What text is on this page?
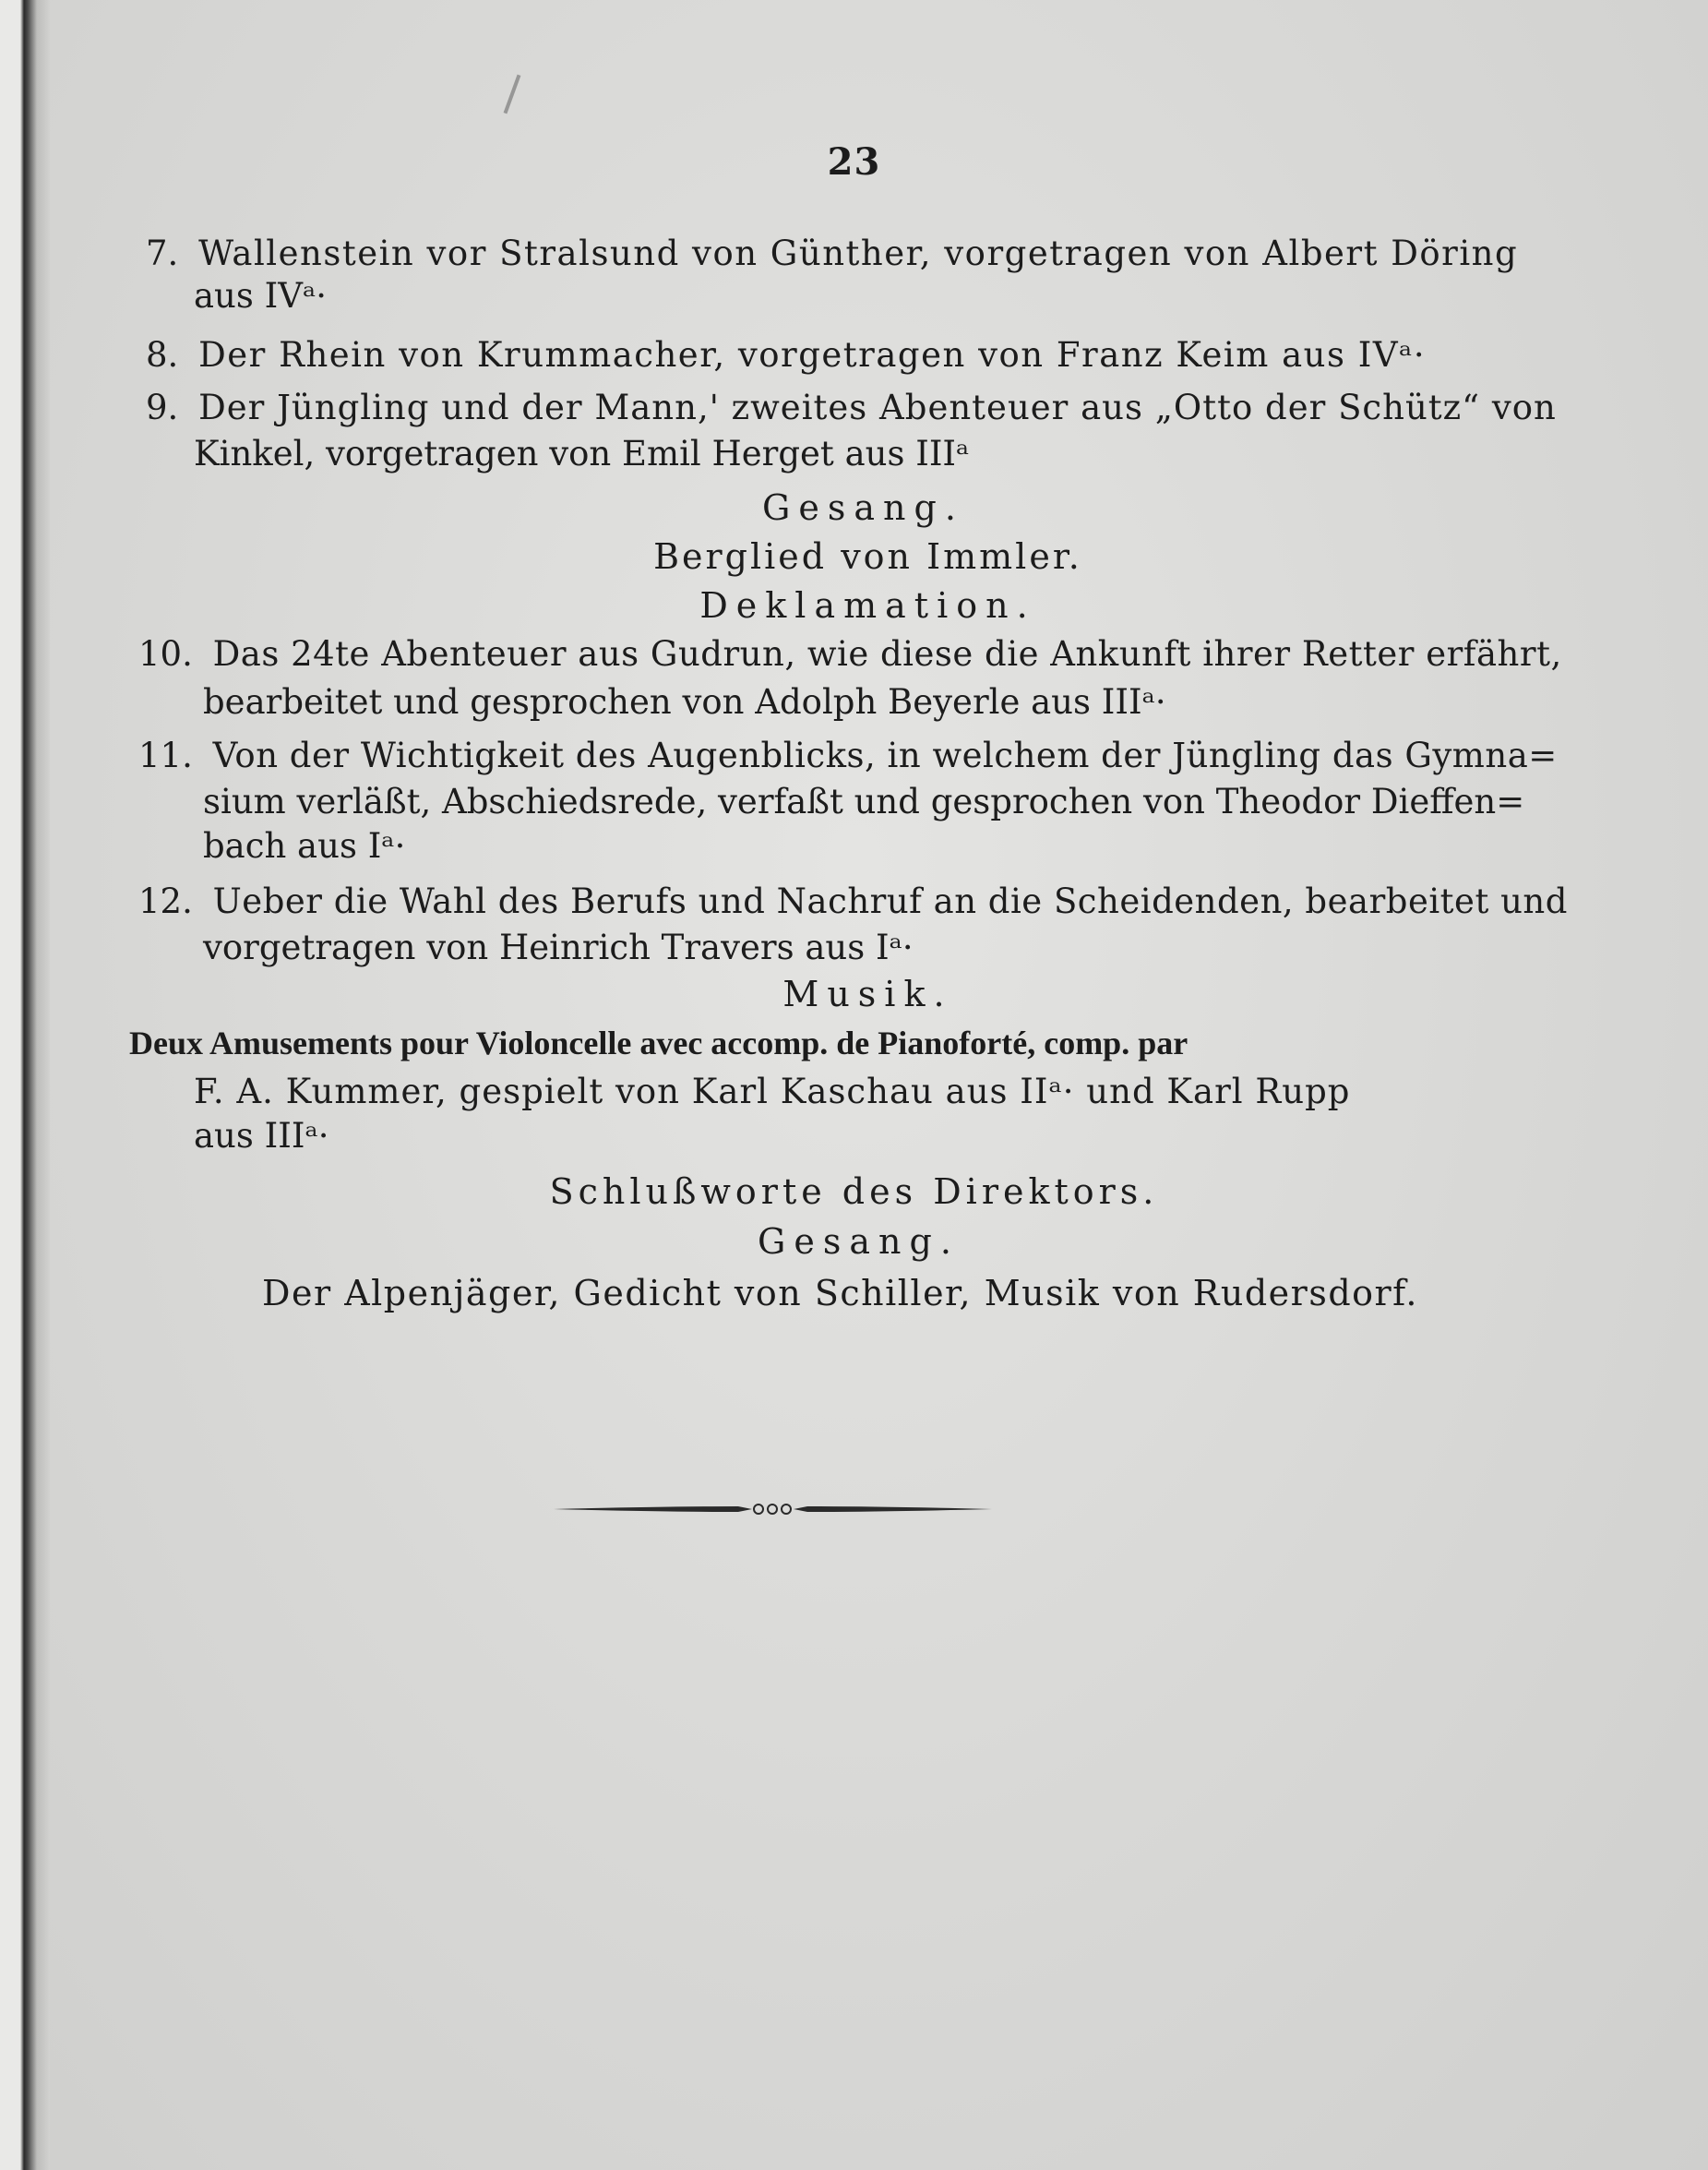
23
7. Wallenstein vor Stralsund von Günther, vorgetragen von Albert Döring
aus IVᵃ·
8. Der Rhein von Krummacher, vorgetragen von Franz Keim aus IVᵃ·
9. Der Jüngling und der Mann,' zweites Abenteuer aus „Otto der Schütz“ von
Kinkel, vorgetragen von Emil Herget aus IIIᵃ
Gesang.
Berglied von Immler.
Deklamation.
10. Das 24te Abenteuer aus Gudrun, wie diese die Ankunft ihrer Retter erfährt,
bearbeitet und gesprochen von Adolph Beyerle aus IIIᵃ·
11. Von der Wichtigkeit des Augenblicks, in welchem der Jüngling das Gymna=
sium verläßt, Abschiedsrede, verfaßt und gesprochen von Theodor Dieffen=
bach aus Iᵃ·
12. Ueber die Wahl des Berufs und Nachruf an die Scheidenden, bearbeitet und
vorgetragen von Heinrich Travers aus Iᵃ·
Musik.
Deux Amusements pour Violoncelle avec accomp. de Pianoforté, comp. par
F. A. Kummer, gespielt von Karl Kaschau aus IIᵃ· und Karl Rupp
aus IIIᵃ·
Schlußworte des Direktors.
Gesang.
Der Alpenjäger, Gedicht von Schiller, Musik von Rudersdorf.
